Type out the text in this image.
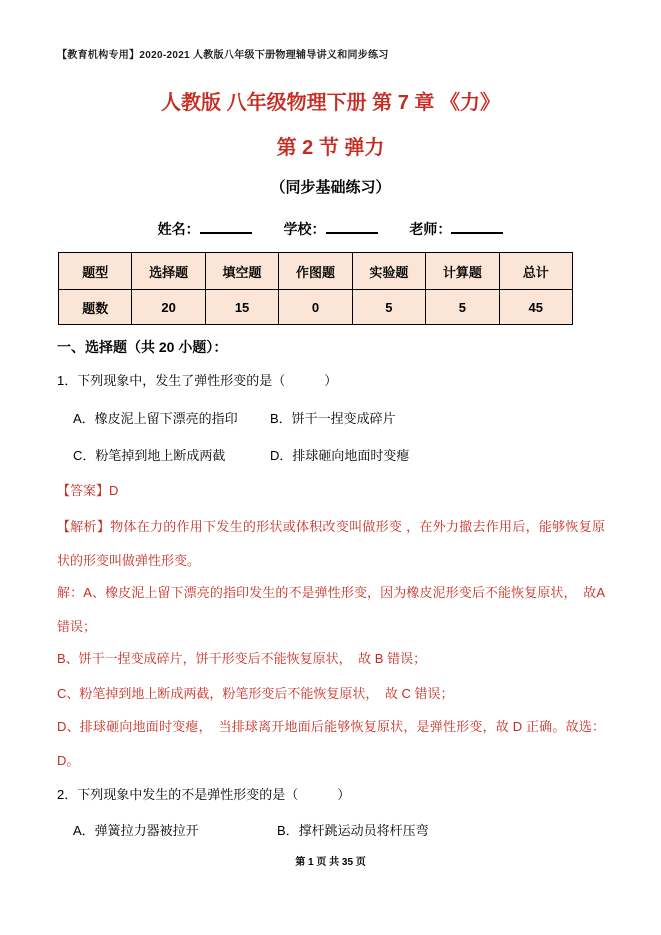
【教育机构专用】2020-2021 人教版八年级下册物理辅导讲义和同步练习
人教版 八年级物理下册 第 7 章 《力》
第 2 节 弹力
（同步基础练习）
姓名：	学校：	老师：
题型	选择题	填空题	作图题	实验题	计算题	总计
题数	20	15	0	5	5	45
一、选择题（共 20 小题）：
1．下列现象中，发生了弹性形变的是（　　　）
A．橡皮泥上留下漂亮的指印 B．饼干一捏变成碎片
C．粉笔掉到地上断成两截	D．排球砸向地面时变瘪
【答案】D
【解析】物体在力的作用下发生的形状或体积改变叫做形变 ，在外力撤去作用后，能够恢复原状的形变叫做弹性形变。
解：A、橡皮泥上留下漂亮的指印发生的不是弹性形变，因为橡皮泥形变后不能恢复原状，　故A 错误；
B、饼干一捏变成碎片，饼干形变后不能恢复原状，　故 B 错误；
C、粉笔掉到地上断成两截，粉笔形变后不能恢复原状，　故 C 错误；
D、排球砸向地面时变瘪，　当排球离开地面后能够恢复原状，是弹性形变，故 D 正确。故选：D。
2．下列现象中发生的不是弹性形变的是（　　　）
A．弹簧拉力器被拉开	B．撑杆跳运动员将杆压弯
第 1 页 共 35 页
